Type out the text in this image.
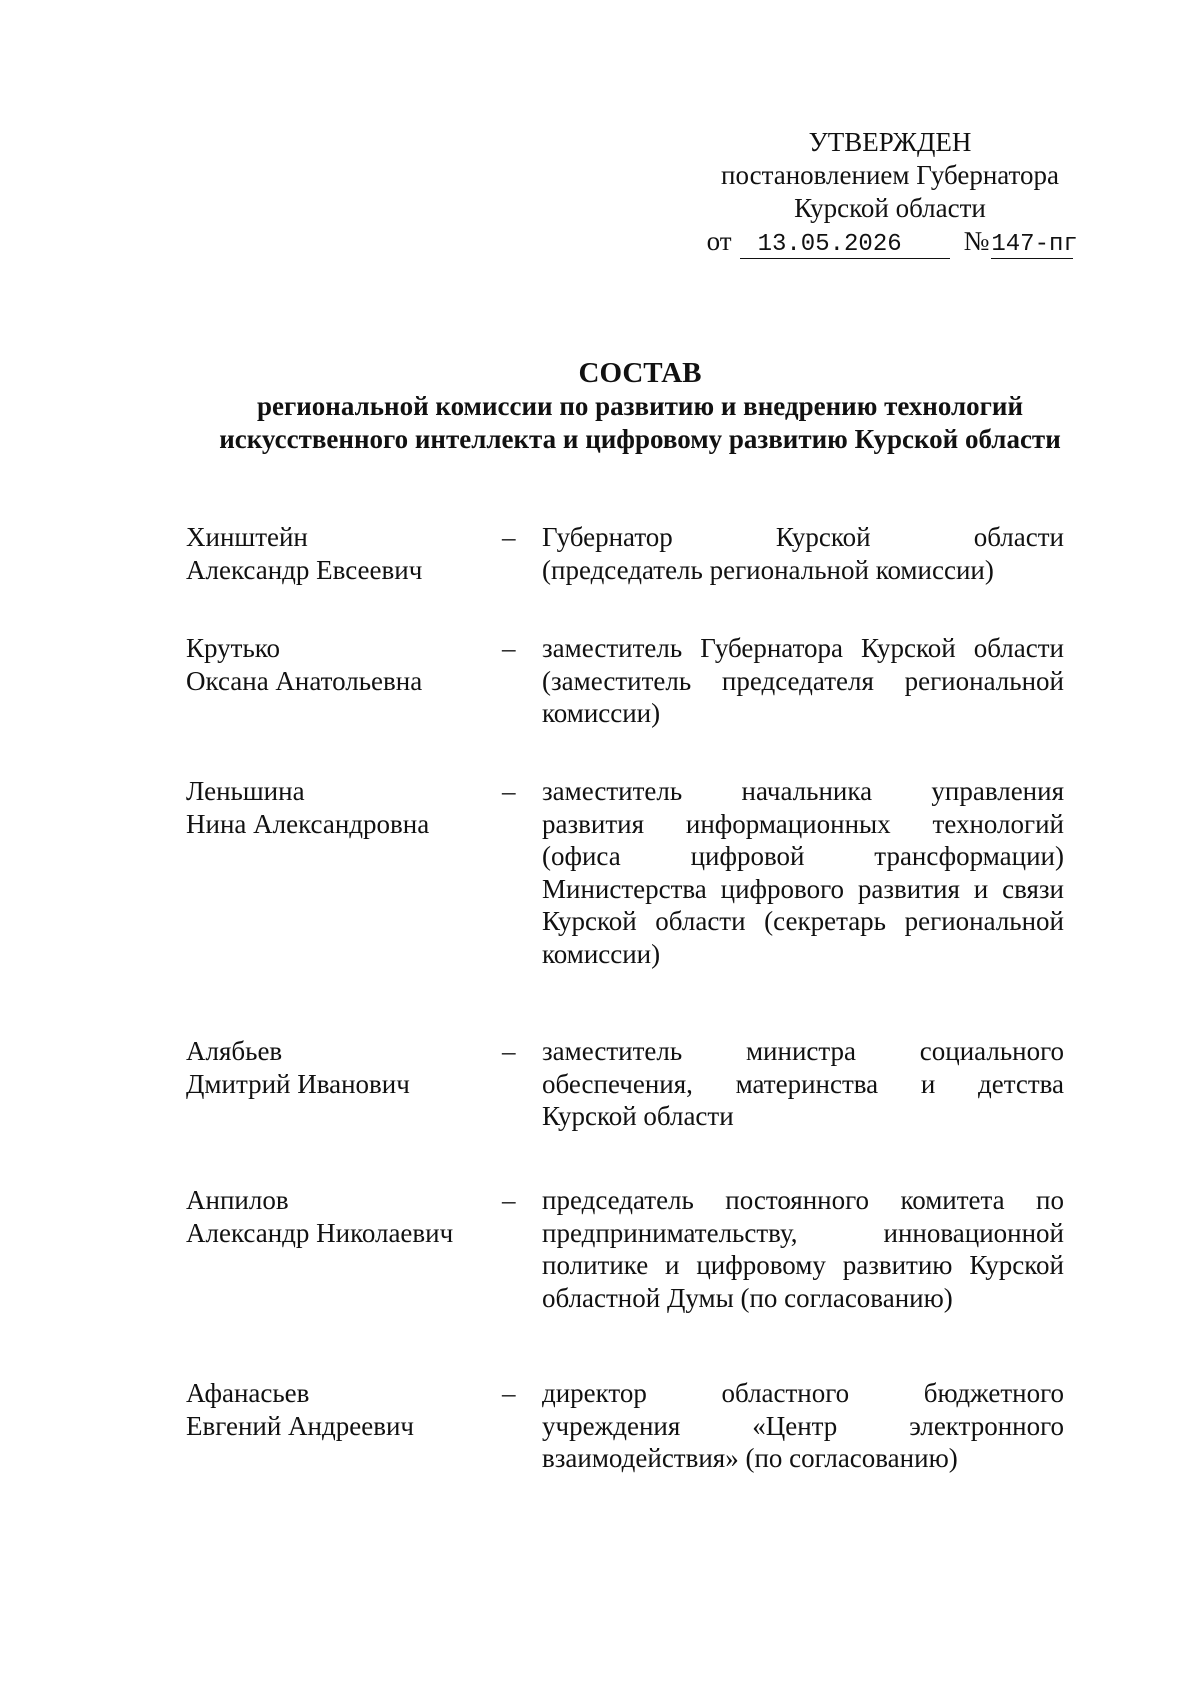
УТВЕРЖДЕН
постановлением Губернатора
Курской области
от	13.05.2026	№ 147-пг
СОСТАВ
региональной комиссии по развитию и внедрению технологий
искусственного интеллекта и цифровому развитию Курской области
Хинштейн
Александр Евсеевич
– Губернатор Курской области
(председатель региональной комиссии)
Крутько
Оксана Анатольевна
– заместитель Губернатора Курской области
(заместитель председателя региональной
комиссии)
Леньшина
Нина Александровна
– заместитель начальника управления
развития информационных технологий
(офиса цифровой трансформации)
Министерства цифрового развития и связи
Курской области (секретарь региональной
комиссии)
Алябьев
Дмитрий Иванович
– заместитель министра социального
обеспечения, материнства и детства
Курской области
Анпилов
Александр Николаевич
– председатель постоянного комитета по
предпринимательству, инновационной
политике и цифровому развитию Курской
областной Думы (по согласованию)
Афанасьев
Евгений Андреевич
– директор областного бюджетного
учреждения «Центр электронного
взаимодействия» (по согласованию)
